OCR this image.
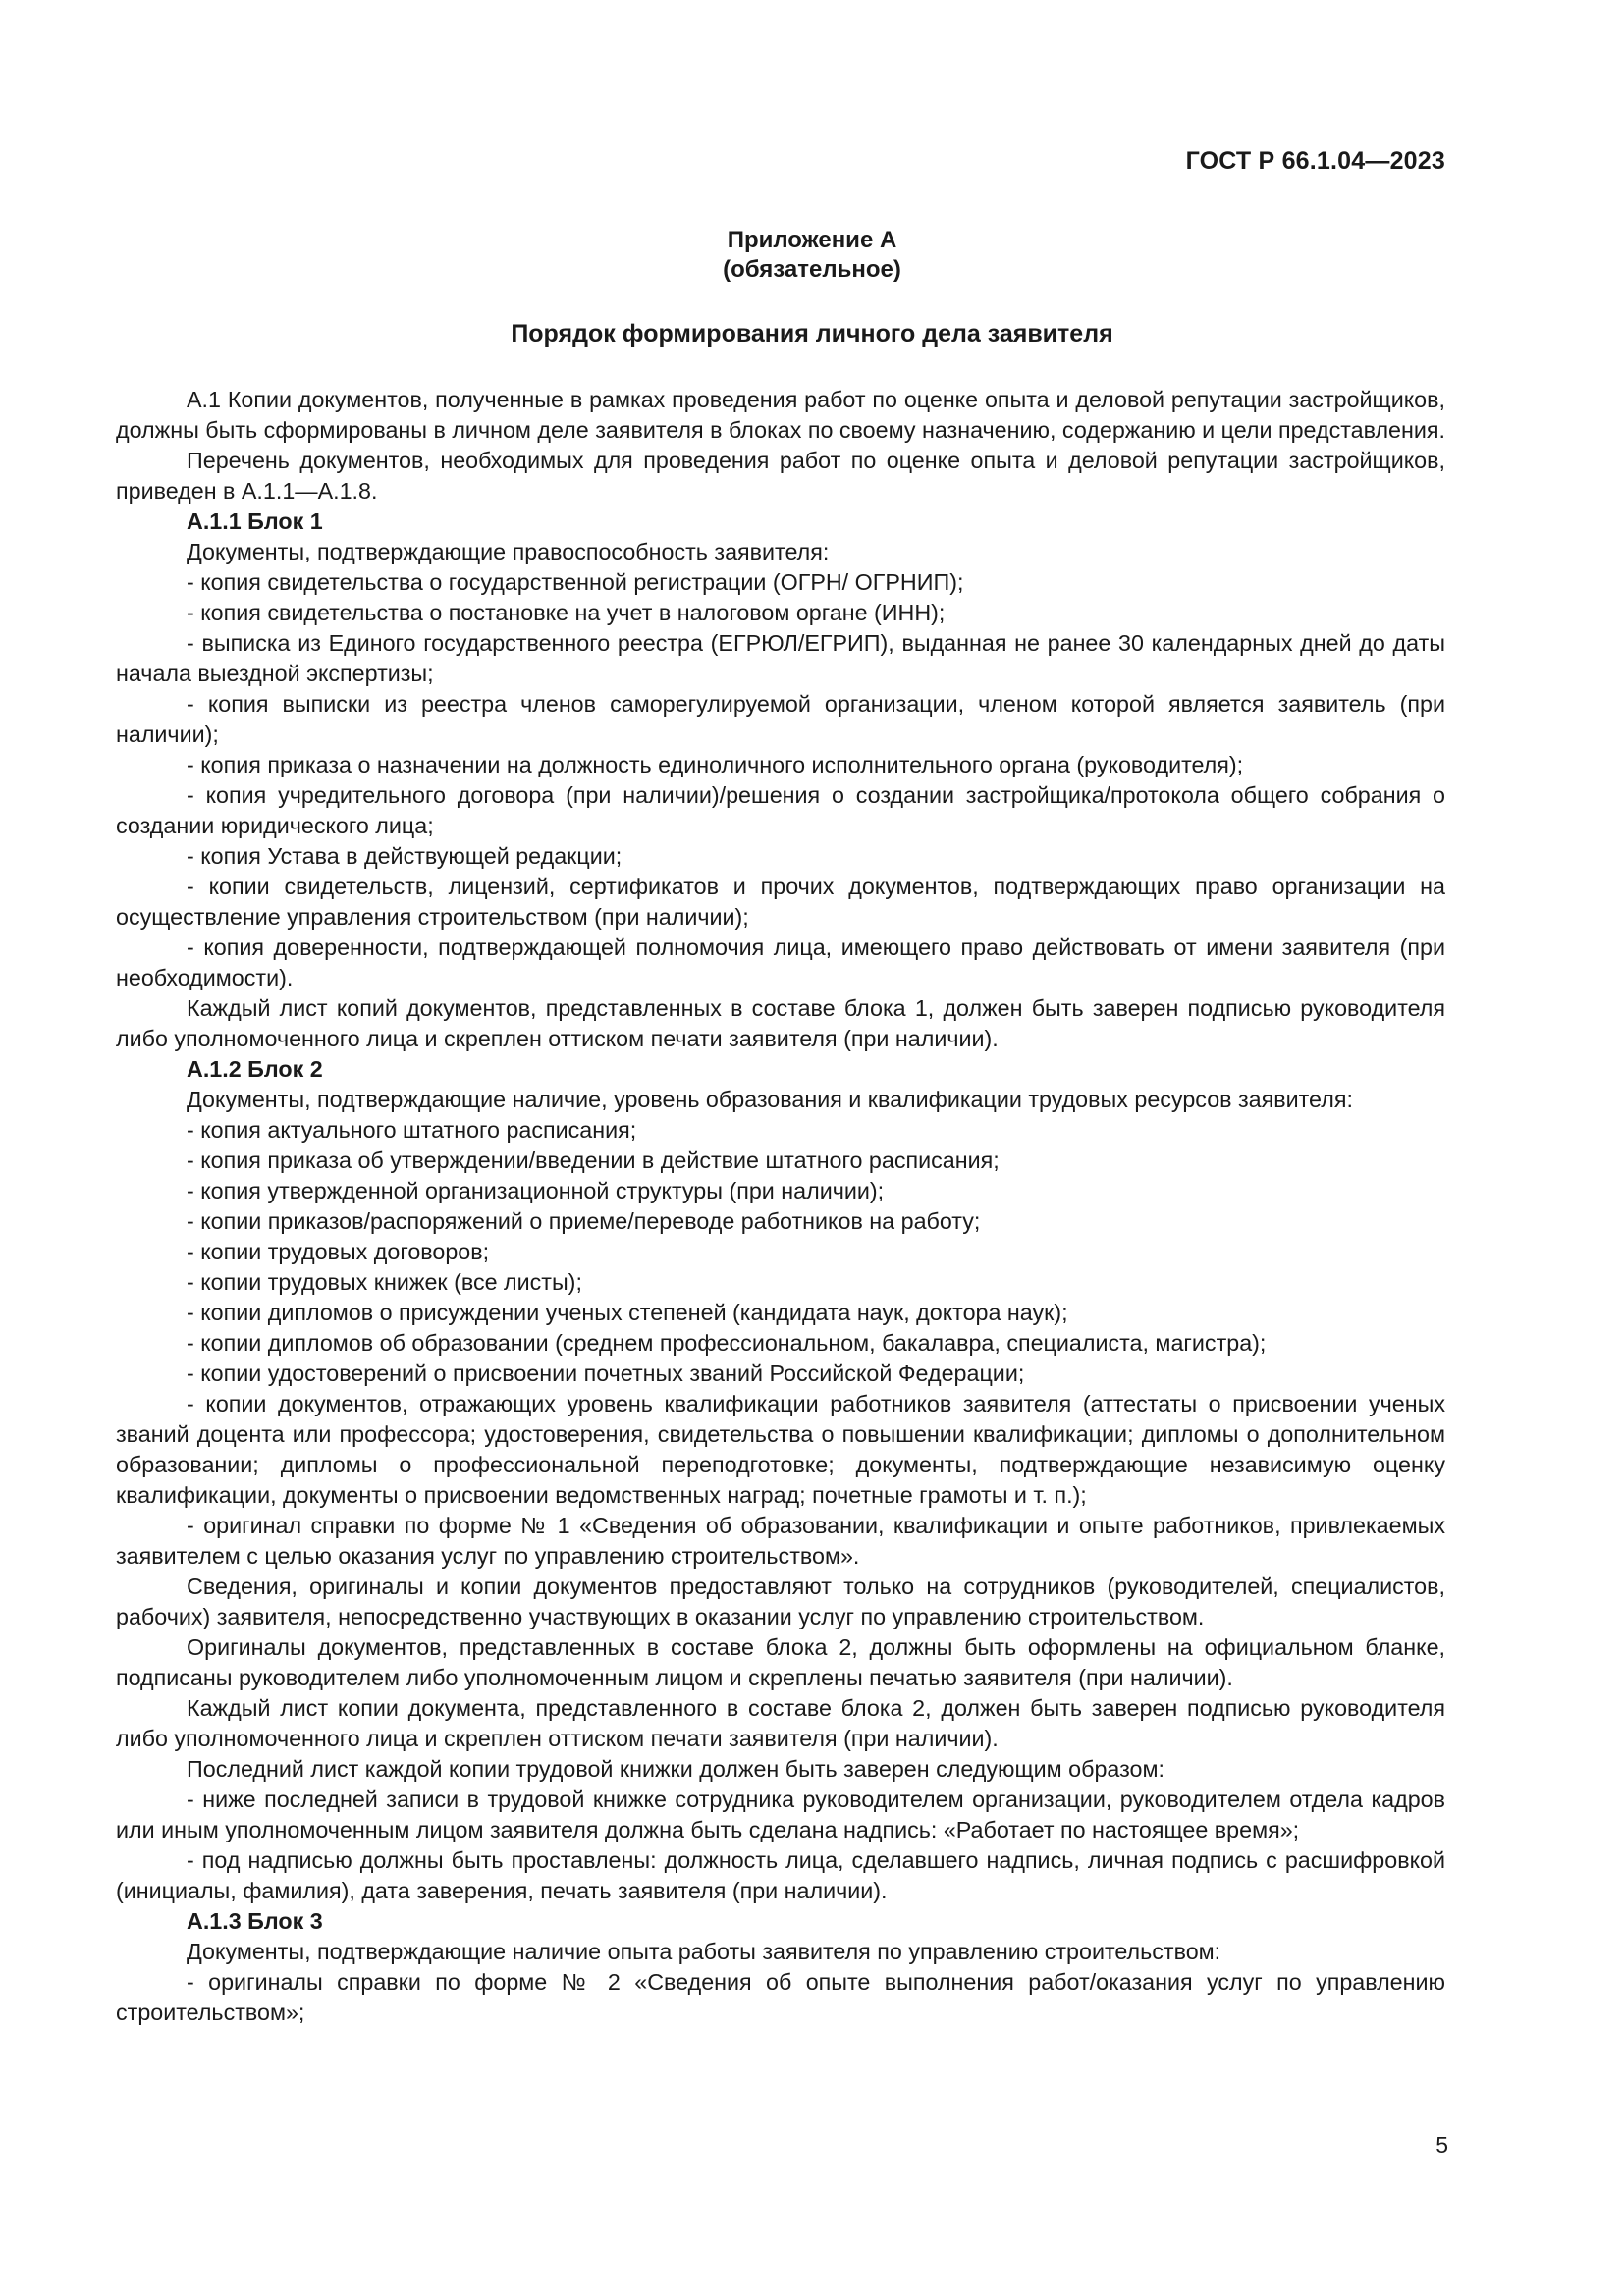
ГОСТ Р 66.1.04—2023
Приложение А
(обязательное)
Порядок формирования личного дела заявителя

А.1 Копии документов, полученные в рамках проведения работ по оценке опыта и деловой репутации застройщиков, должны быть сформированы в личном деле заявителя в блоках по своему назначению, содержанию и цели представления.

Перечень документов, необходимых для проведения работ по оценке опыта и деловой репутации застройщиков, приведен в А.1.1—А.1.8.

А.1.1 Блок 1

Документы, подтверждающие правоспособность заявителя:

- копия свидетельства о государственной регистрации (ОГРН/ ОГРНИП);

- копия свидетельства о постановке на учет в налоговом органе (ИНН);

- выписка из Единого государственного реестра (ЕГРЮЛ/ЕГРИП), выданная не ранее 30 календарных дней до даты начала выездной экспертизы;

- копия выписки из реестра членов саморегулируемой организации, членом которой является заявитель (при наличии);

- копия приказа о назначении на должность единоличного исполнительного органа (руководителя);

- копия учредительного договора (при наличии)/решения о создании застройщика/протокола общего собрания о создании юридического лица;

- копия Устава в действующей редакции;

- копии свидетельств, лицензий, сертификатов и прочих документов, подтверждающих право организации на осуществление управления строительством (при наличии);

- копия доверенности, подтверждающей полномочия лица, имеющего право действовать от имени заявителя (при необходимости).

Каждый лист копий документов, представленных в составе блока 1, должен быть заверен подписью руководителя либо уполномоченного лица и скреплен оттиском печати заявителя (при наличии).

А.1.2 Блок 2

Документы, подтверждающие наличие, уровень образования и квалификации трудовых ресурсов заявителя:

- копия актуального штатного расписания;

- копия приказа об утверждении/введении в действие штатного расписания;

- копия утвержденной организационной структуры (при наличии);

- копии приказов/распоряжений о приеме/переводе работников на работу;

- копии трудовых договоров;

- копии трудовых книжек (все листы);

- копии дипломов о присуждении ученых степеней (кандидата наук, доктора наук);

- копии дипломов об образовании (среднем профессиональном, бакалавра, специалиста, магистра);

- копии удостоверений о присвоении почетных званий Российской Федерации;

- копии документов, отражающих уровень квалификации работников заявителя (аттестаты о присвоении ученых званий доцента или профессора; удостоверения, свидетельства о повышении квалификации; дипломы о дополнительном образовании; дипломы о профессиональной переподготовке; документы, подтверждающие независимую оценку квалификации, документы о присвоении ведомственных наград; почетные грамоты и т. п.);

- оригинал справки по форме № 1 «Сведения об образовании, квалификации и опыте работников, привлекаемых заявителем с целью оказания услуг по управлению строительством».

Сведения, оригиналы и копии документов предоставляют только на сотрудников (руководителей, специалистов, рабочих) заявителя, непосредственно участвующих в оказании услуг по управлению строительством.

Оригиналы документов, представленных в составе блока 2, должны быть оформлены на официальном бланке, подписаны руководителем либо уполномоченным лицом и скреплены печатью заявителя (при наличии).

Каждый лист копии документа, представленного в составе блока 2, должен быть заверен подписью руководителя либо уполномоченного лица и скреплен оттиском печати заявителя (при наличии).

Последний лист каждой копии трудовой книжки должен быть заверен следующим образом:

- ниже последней записи в трудовой книжке сотрудника руководителем организации, руководителем отдела кадров или иным уполномоченным лицом заявителя должна быть сделана надпись: «Работает по настоящее время»;

- под надписью должны быть проставлены: должность лица, сделавшего надпись, личная подпись с расшифровкой (инициалы, фамилия), дата заверения, печать заявителя (при наличии).

А.1.3 Блок 3

Документы, подтверждающие наличие опыта работы заявителя по управлению строительством:

- оригиналы справки по форме № 2 «Сведения об опыте выполнения работ/оказания услуг по управлению строительством»;

5
